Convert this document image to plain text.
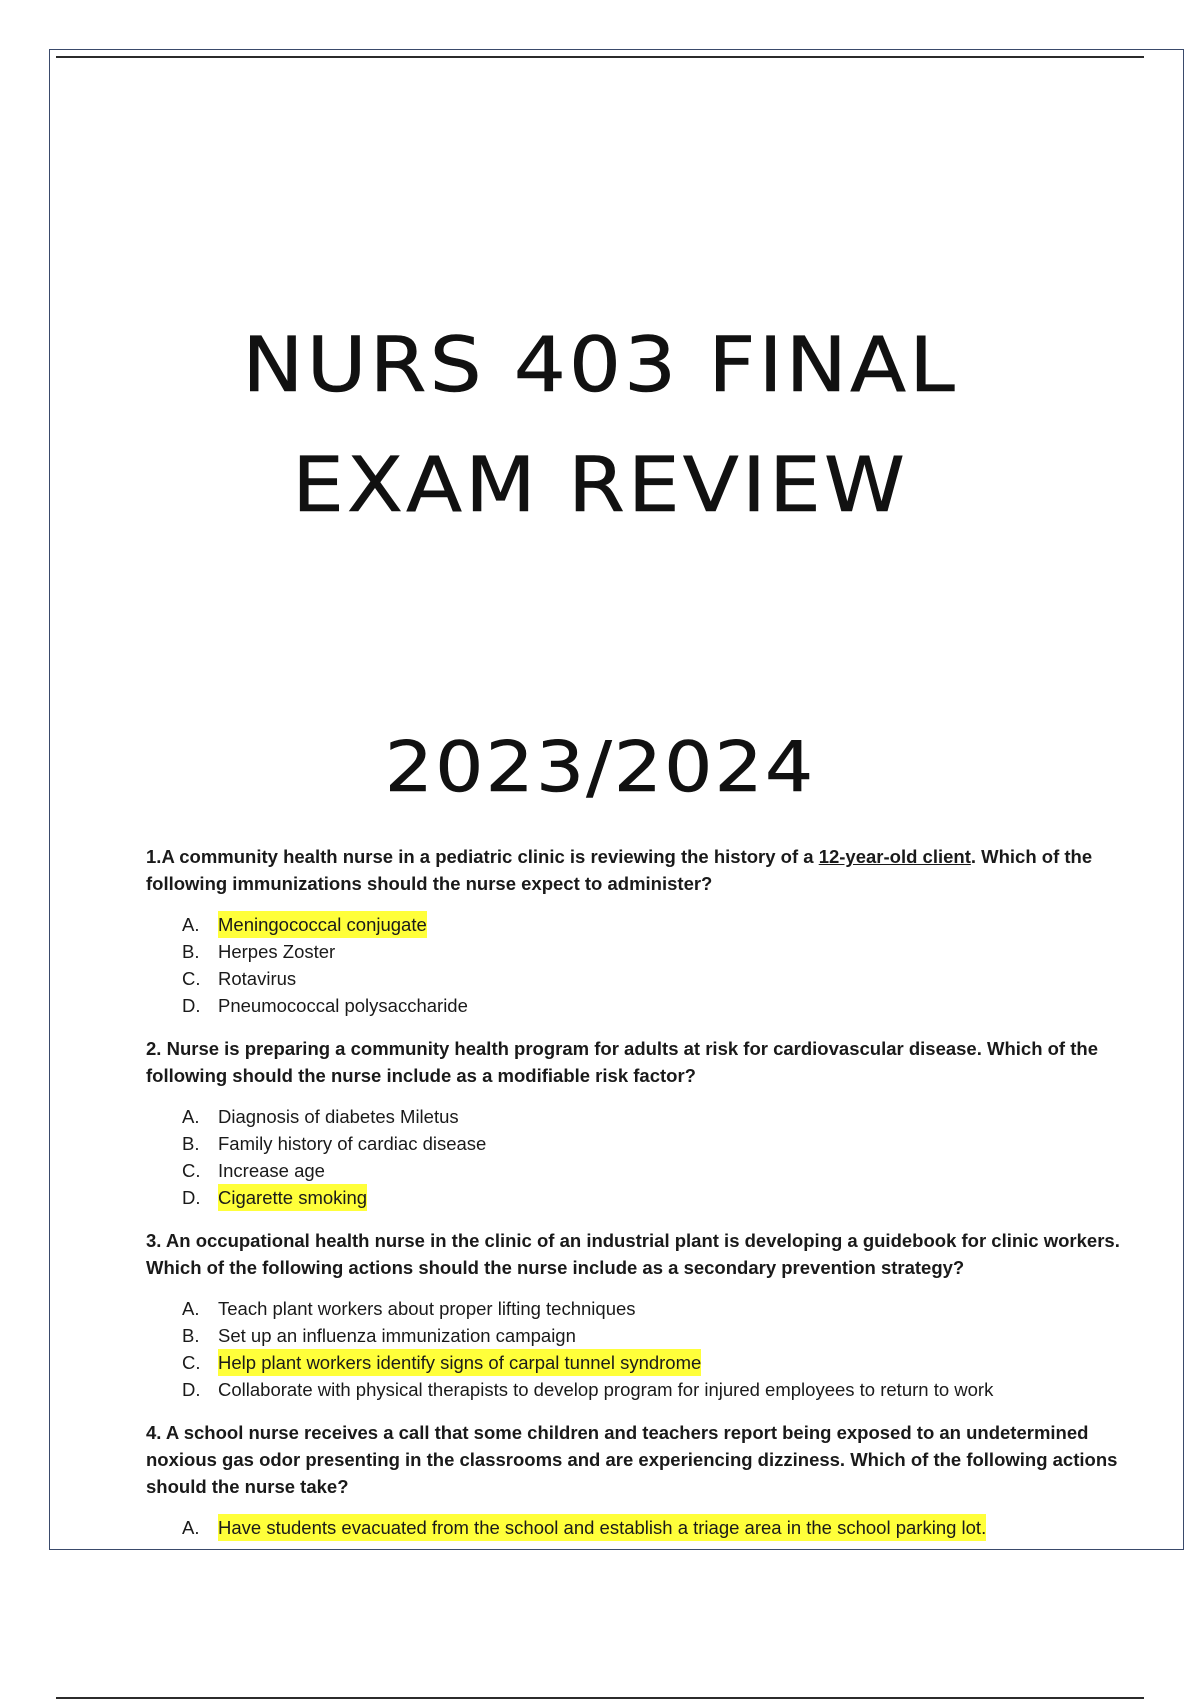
NURS 403 FINAL
EXAM REVIEW
2023/2024

1.A community health nurse in a pediatric clinic is reviewing the history of a 12-year-old client. Which of the following immunizations should the nurse expect to administer?

A.	Meningococcal conjugate
B.	Herpes Zoster
C. Rotavirus
D. Pneumococcal polysaccharide

2. Nurse is preparing a community health program for adults at risk for cardiovascular disease. Which of the following should the nurse include as a modifiable risk factor?

A.	Diagnosis of diabetes Miletus
B.	Family history of cardiac disease
C. Increase age
D. Cigarette smoking

3. An occupational health nurse in the clinic of an industrial plant is developing a guidebook for clinic workers. Which of the following actions should the nurse include as a secondary prevention strategy?

A.	Teach plant workers about proper lifting techniques
B.	Set up an influenza immunization campaign
C. Help plant workers identify signs of carpal tunnel syndrome
D. Collaborate with physical therapists to develop program for injured employees to return to work

4. A school nurse receives a call that some children and teachers report being exposed to an undetermined noxious gas odor presenting in the classrooms and are experiencing dizziness. Which of the following actions should the nurse take?

A.	Have students evacuated from the school and establish a triage area in the school parking lot.
